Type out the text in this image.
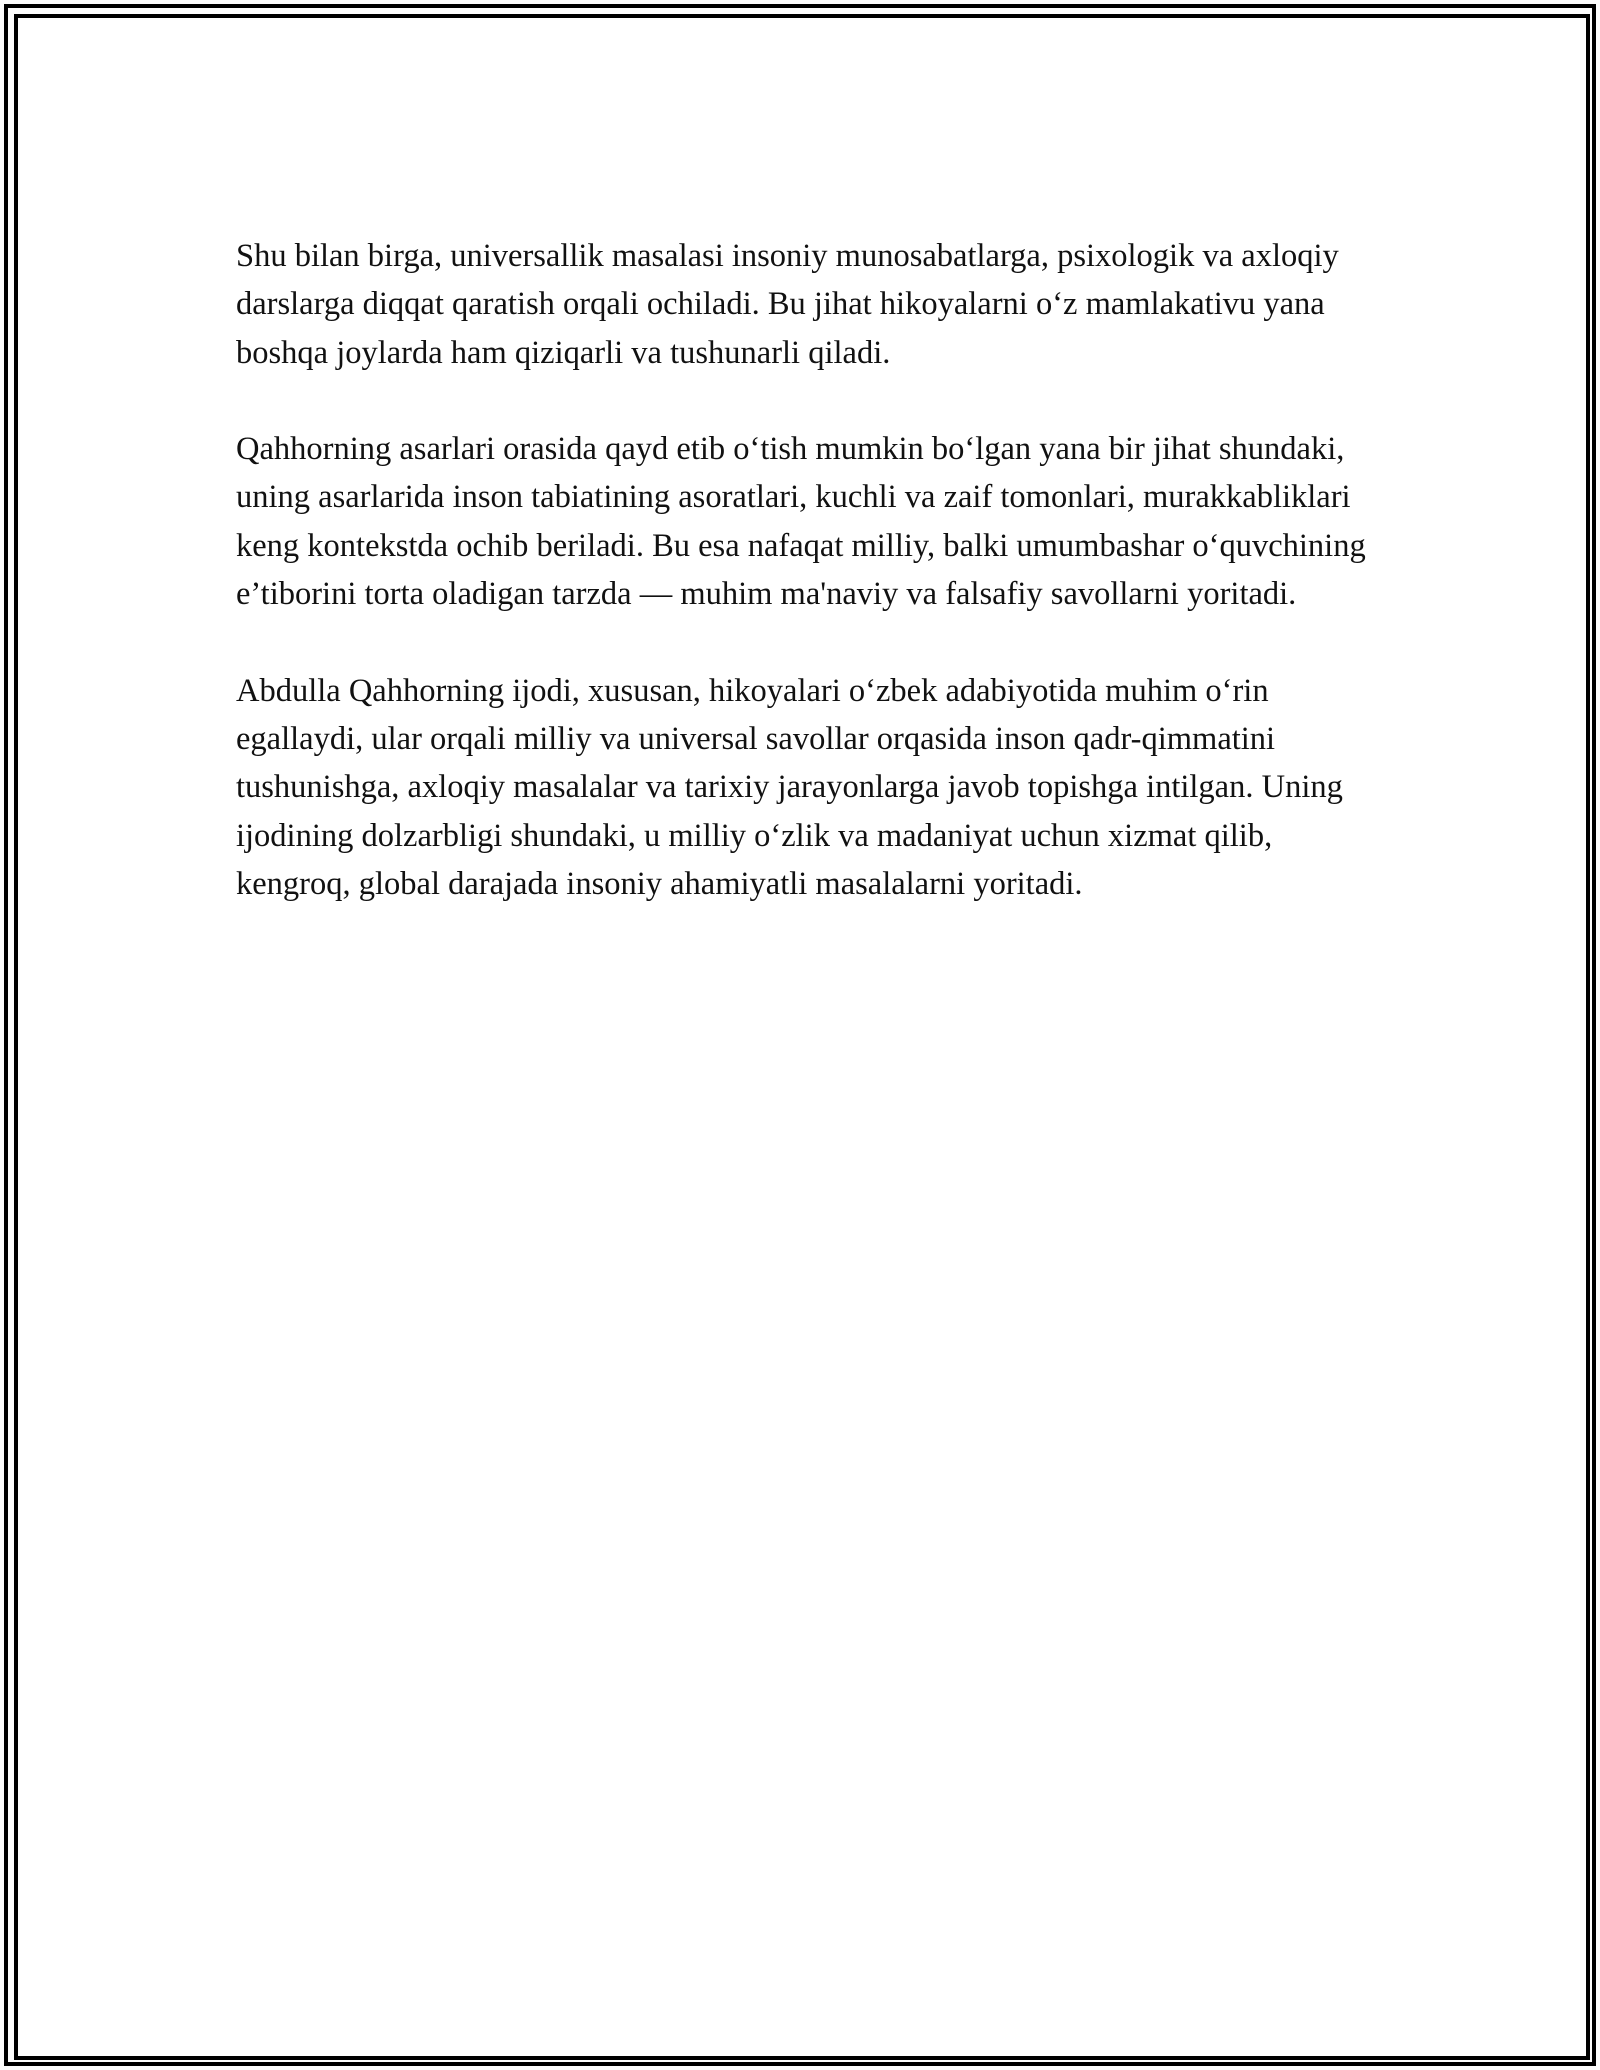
Shu bilan birga, universallik masalasi insoniy munosabatlarga, psixologik va axloqiy darslarga diqqat qaratish orqali ochiladi. Bu jihat hikoyalarni o‘z mamlakativu yana boshqa joylarda ham qiziqarli va tushunarli qiladi.

Qahhorning asarlari orasida qayd etib o‘tish mumkin bo‘lgan yana bir jihat shundaki, uning asarlarida inson tabiatining asoratlari, kuchli va zaif tomonlari, murakkabliklari keng kontekstda ochib beriladi. Bu esa nafaqat milliy, balki umumbashar o‘quvchining e’tiborini torta oladigan tarzda — muhim ma'naviy va falsafiy savollarni yoritadi.

Abdulla Qahhorning ijodi, xususan, hikoyalari o‘zbek adabiyotida muhim o‘rin egallaydi, ular orqali milliy va universal savollar orqasida inson qadr-qimmatini tushunishga, axloqiy masalalar va tarixiy jarayonlarga javob topishga intilgan. Uning ijodining dolzarbligi shundaki, u milliy o‘zlik va madaniyat uchun xizmat qilib, kengroq, global darajada insoniy ahamiyatli masalalarni yoritadi.
